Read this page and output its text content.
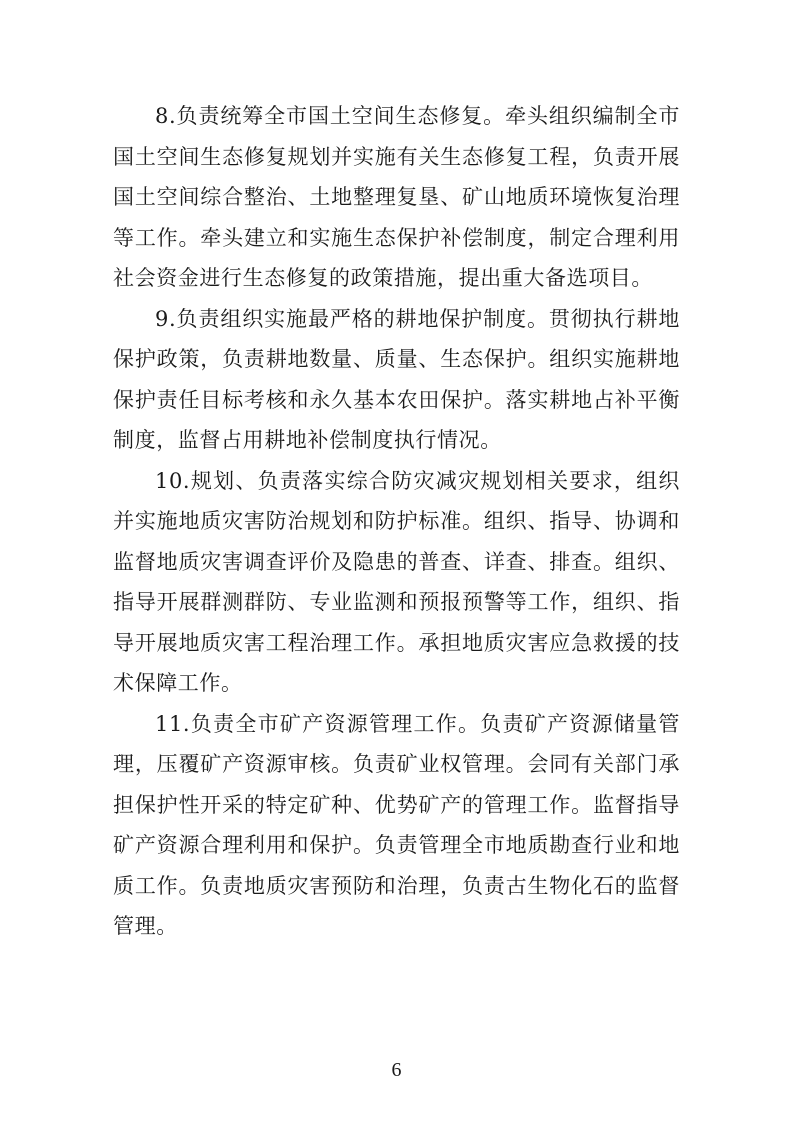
8.负责统筹全市国土空间生态修复。牵头组织编制全市国土空间生态修复规划并实施有关生态修复工程，负责开展国土空间综合整治、土地整理复垦、矿山地质环境恢复治理等工作。牵头建立和实施生态保护补偿制度，制定合理利用社会资金进行生态修复的政策措施，提出重大备选项目。

9.负责组织实施最严格的耕地保护制度。贯彻执行耕地保护政策，负责耕地数量、质量、生态保护。组织实施耕地保护责任目标考核和永久基本农田保护。落实耕地占补平衡制度，监督占用耕地补偿制度执行情况。

10.规划、负责落实综合防灾减灾规划相关要求，组织并实施地质灾害防治规划和防护标准。组织、指导、协调和监督地质灾害调查评价及隐患的普查、详查、排查。组织、指导开展群测群防、专业监测和预报预警等工作，组织、指导开展地质灾害工程治理工作。承担地质灾害应急救援的技术保障工作。

11.负责全市矿产资源管理工作。负责矿产资源储量管理，压覆矿产资源审核。负责矿业权管理。会同有关部门承担保护性开采的特定矿种、优势矿产的管理工作。监督指导矿产资源合理利用和保护。负责管理全市地质勘查行业和地质工作。负责地质灾害预防和治理，负责古生物化石的监督管理。

6
